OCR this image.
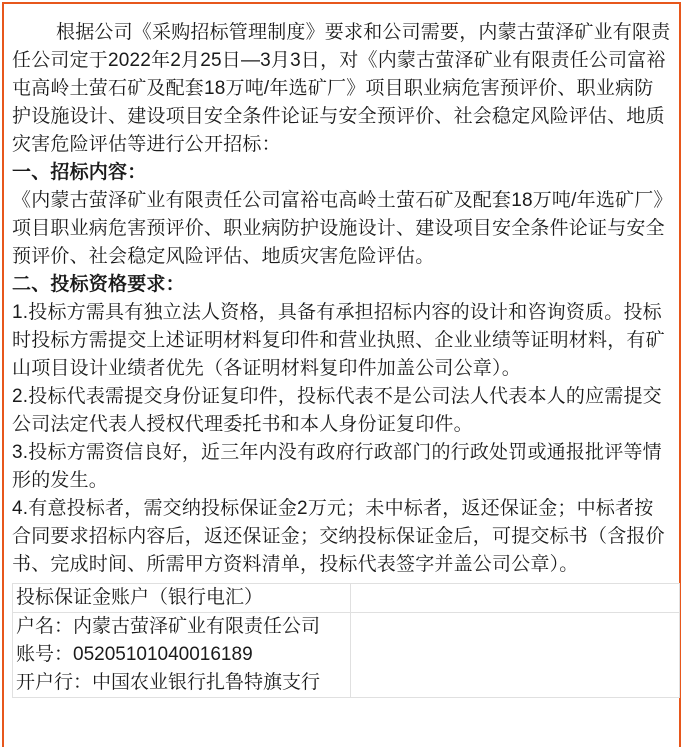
根据公司《采购招标管理制度》要求和公司需要，内蒙古萤泽矿业有限责任公司定于2022年2月25日—3月3日，对《内蒙古萤泽矿业有限责任公司富裕屯高岭土萤石矿及配套18万吨/年选矿厂》项目职业病危害预评价、职业病防护设施设计、建设项目安全条件论证与安全预评价、社会稳定风险评估、地质灾害危险评估等进行公开招标：

一、招标内容：

《内蒙古萤泽矿业有限责任公司富裕屯高岭土萤石矿及配套18万吨/年选矿厂》项目职业病危害预评价、职业病防护设施设计、建设项目安全条件论证与安全预评价、社会稳定风险评估、地质灾害危险评估。

二、投标资格要求：

1.投标方需具有独立法人资格，具备有承担招标内容的设计和咨询资质。投标时投标方需提交上述证明材料复印件和营业执照、企业业绩等证明材料，有矿山项目设计业绩者优先（各证明材料复印件加盖公司公章）。

2.投标代表需提交身份证复印件，投标代表不是公司法人代表本人的应需提交公司法定代表人授权代理委托书和本人身份证复印件。

3.投标方需资信良好，近三年内没有政府行政部门的行政处罚或通报批评等情形的发生。

4.有意投标者，需交纳投标保证金2万元；未中标者，返还保证金；中标者按合同要求招标内容后，返还保证金；交纳投标保证金后，可提交标书（含报价书、完成时间、所需甲方资料清单，投标代表签字并盖公司公章）。

投标保证金账户（银行电汇）	

户名：内蒙古萤泽矿业有限责任公司
账号：05205101040016189
开户行：中国农业银行扎鲁特旗支行	
